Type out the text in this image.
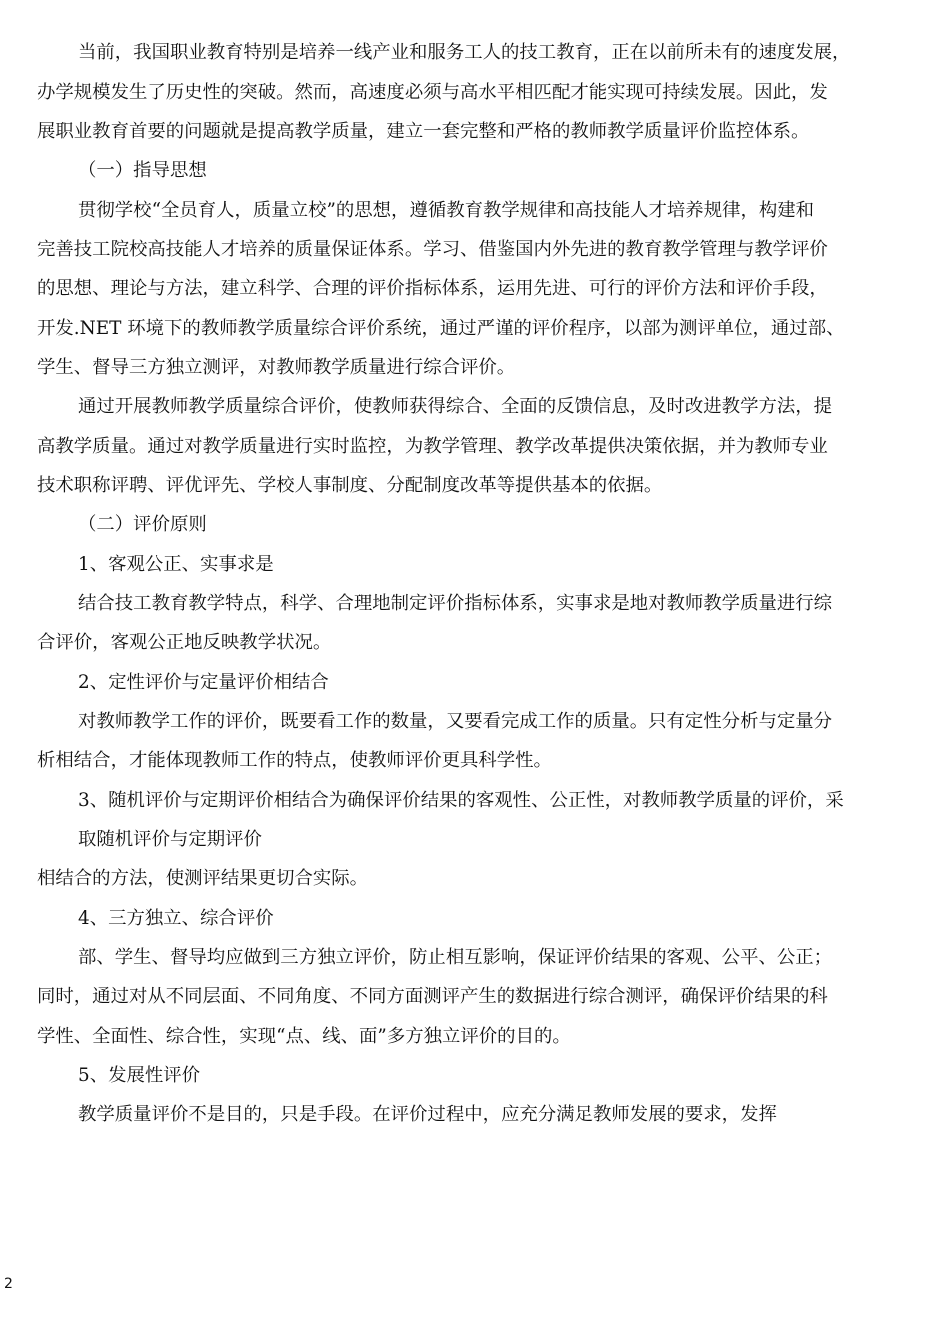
当前，我国职业教育特别是培养一线产业和服务工人的技工教育，正在以前所未有的速度发展，
办学规模发生了历史性的突破。然而，高速度必须与高水平相匹配才能实现可持续发展。因此，发
展职业教育首要的问题就是提高教学质量，建立一套完整和严格的教师教学质量评价监控体系。
（一）指导思想
贯彻学校“全员育人，质量立校”的思想，遵循教育教学规律和高技能人才培养规律，构建和
完善技工院校高技能人才培养的质量保证体系。学习、借鉴国内外先进的教育教学管理与教学评价
的思想、理论与方法，建立科学、合理的评价指标体系，运用先进、可行的评价方法和评价手段，
开发.NET 环境下的教师教学质量综合评价系统，通过严谨的评价程序，以部为测评单位，通过部、
学生、督导三方独立测评，对教师教学质量进行综合评价。
通过开展教师教学质量综合评价，使教师获得综合、全面的反馈信息，及时改进教学方法，提
高教学质量。通过对教学质量进行实时监控，为教学管理、教学改革提供决策依据，并为教师专业
技术职称评聘、评优评先、学校人事制度、分配制度改革等提供基本的依据。
（二）评价原则
1、客观公正、实事求是
结合技工教育教学特点，科学、合理地制定评价指标体系，实事求是地对教师教学质量进行综
合评价，客观公正地反映教学状况。
2、定性评价与定量评价相结合
对教师教学工作的评价，既要看工作的数量，又要看完成工作的质量。只有定性分析与定量分
析相结合，才能体现教师工作的特点，使教师评价更具科学性。
3、随机评价与定期评价相结合为确保评价结果的客观性、公正性，对教师教学质量的评价，采
取随机评价与定期评价
相结合的方法，使测评结果更切合实际。
4、三方独立、综合评价
部、学生、督导均应做到三方独立评价，防止相互影响，保证评价结果的客观、公平、公正；
同时，通过对从不同层面、不同角度、不同方面测评产生的数据进行综合测评，确保评价结果的科
学性、全面性、综合性，实现“点、线、面”多方独立评价的目的。
5、发展性评价
教学质量评价不是目的，只是手段。在评价过程中，应充分满足教师发展的要求，发挥
2
